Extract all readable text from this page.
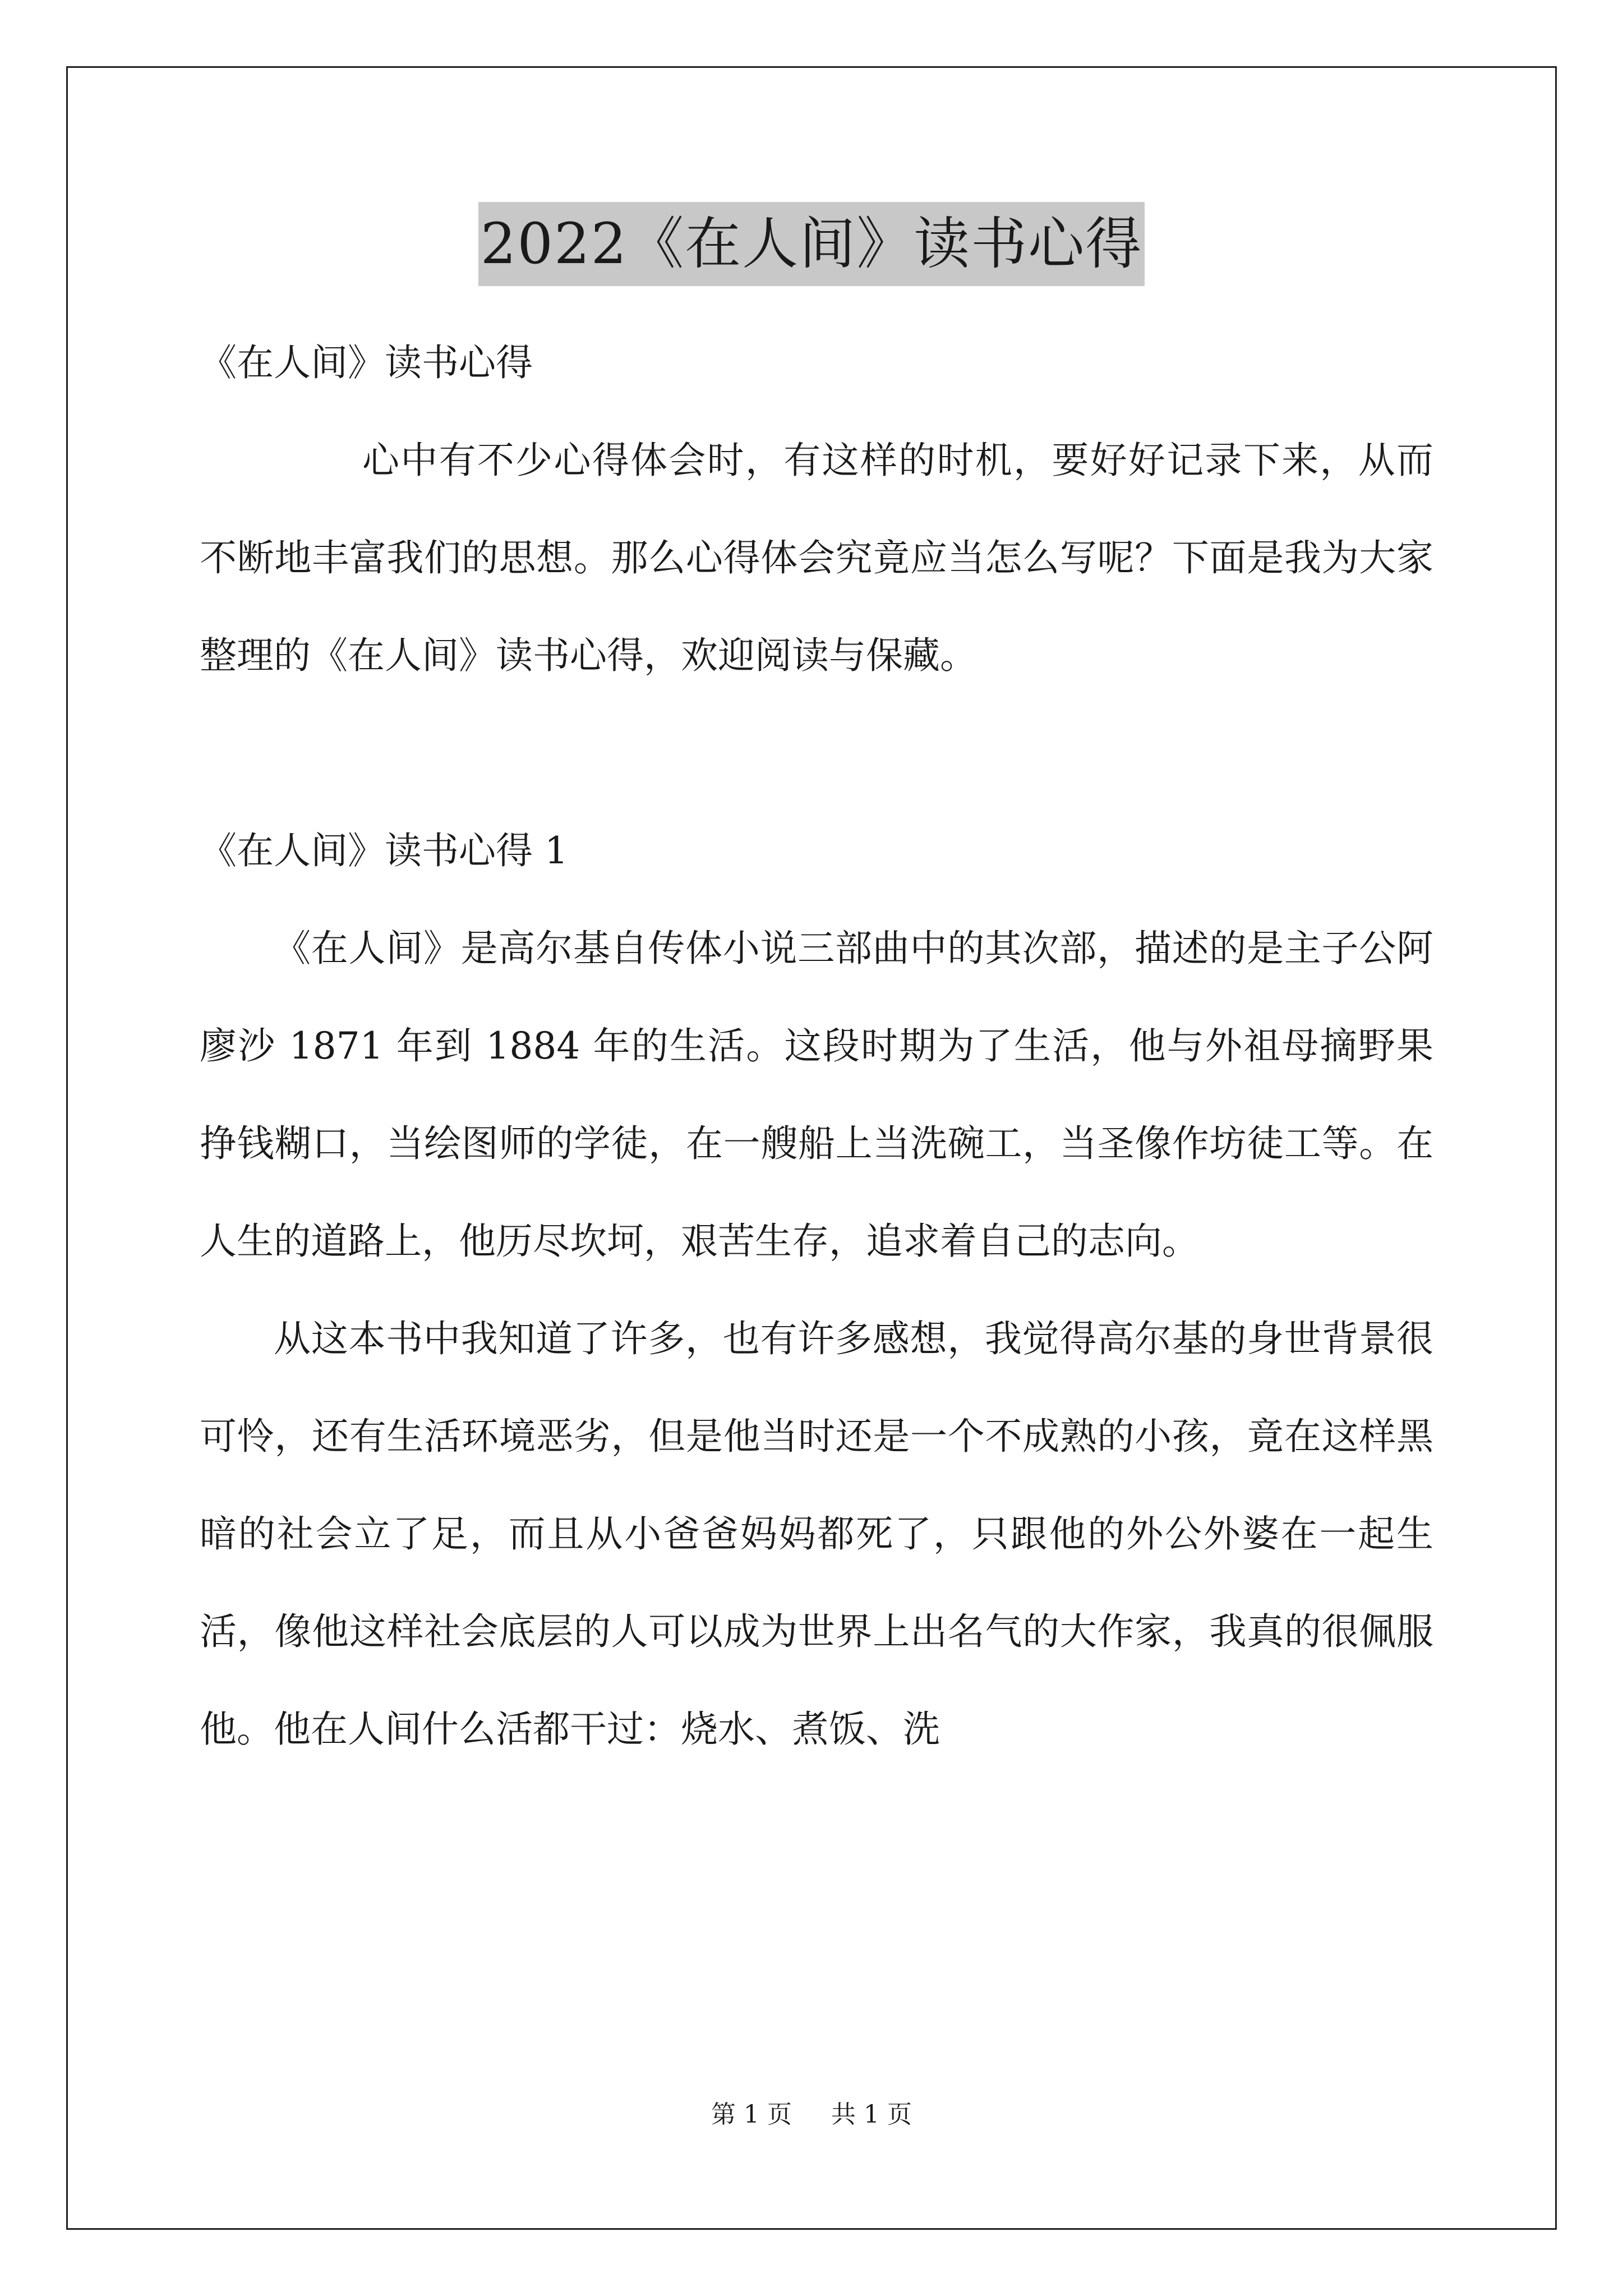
2022《在人间》读书心得

《在人间》读书心得

心中有不少心得体会时，有这样的时机，要好好记录下来，从而不断地丰富我们的思想。那么心得体会究竟应当怎么写呢？下面是我为大家整理的《在人间》读书心得，欢迎阅读与保藏。

《在人间》读书心得 1

《在人间》是高尔基自传体小说三部曲中的其次部，描述的是主子公阿廖沙 1871 年到 1884 年的生活。这段时期为了生活，他与外祖母摘野果挣钱糊口，当绘图师的学徒，在一艘船上当洗碗工，当圣像作坊徒工等。在人生的道路上，他历尽坎坷，艰苦生存，追求着自己的志向。

从这本书中我知道了许多，也有许多感想，我觉得高尔基的身世背景很可怜，还有生活环境恶劣，但是他当时还是一个不成熟的小孩，竟在这样黑暗的社会立了足，而且从小爸爸妈妈都死了，只跟他的外公外婆在一起生活，像他这样社会底层的人可以成为世界上出名气的大作家，我真的很佩服他。他在人间什么活都干过：烧水、煮饭、洗

第 1 页 共 1 页
